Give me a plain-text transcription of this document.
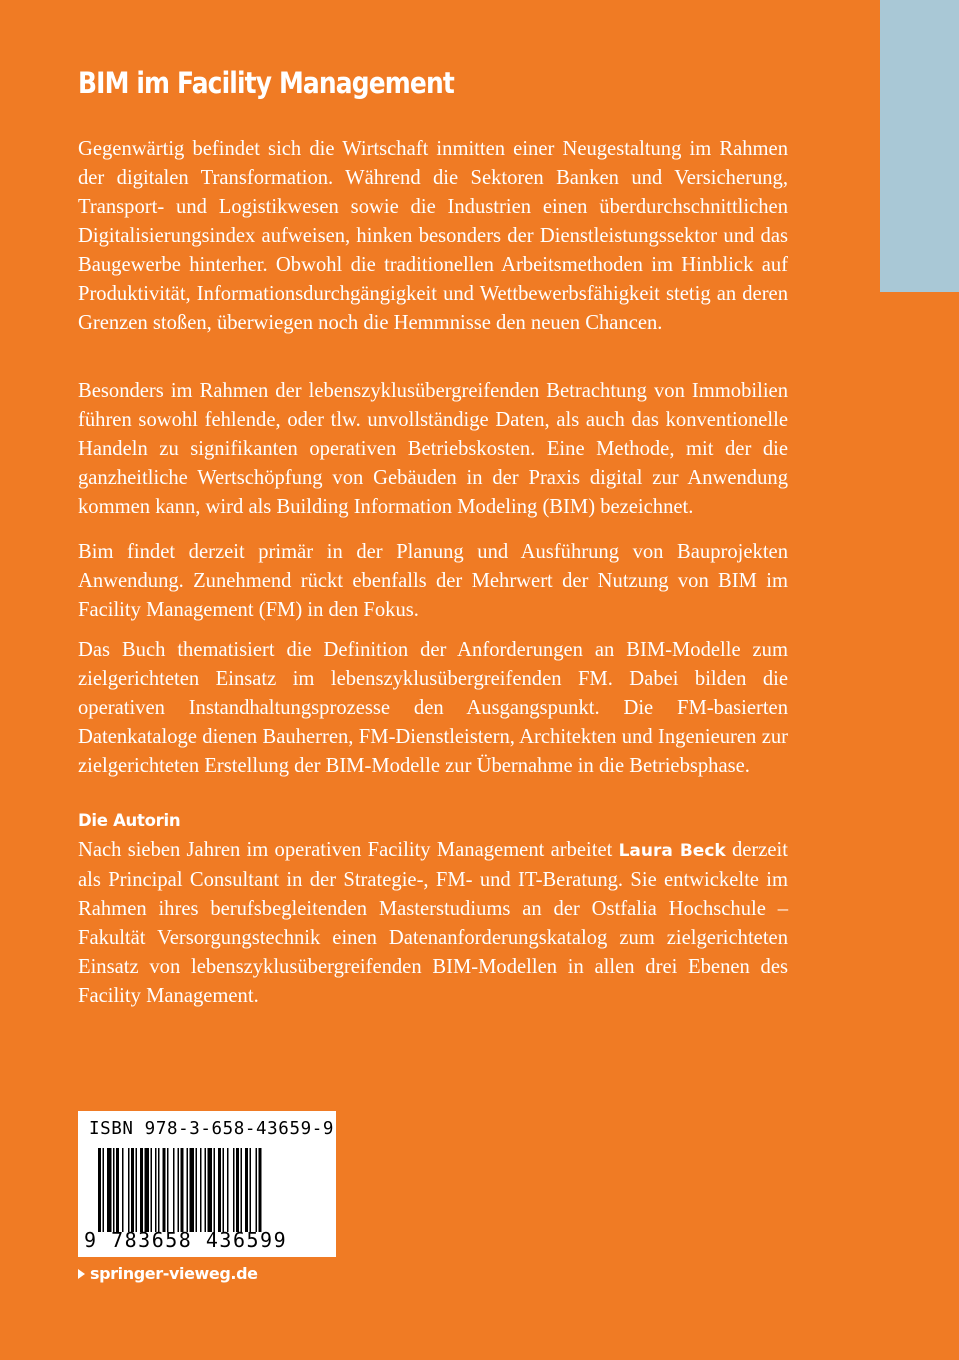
BIM im Facility Management

Gegenwärtig befindet sich die Wirtschaft inmitten einer Neugestaltung im Rahmen der digitalen Transformation. Während die Sektoren Banken und Versicherung, Transport- und Logistikwesen sowie die Industrien einen überdurchschnittlichen Digitalisierungsindex aufweisen, hinken besonders der Dienstleistungssektor und das Baugewerbe hinterher. Obwohl die traditionellen Arbeitsmethoden im Hinblick auf Produktivität, Informationsdurchgängigkeit und Wettbewerbsfähigkeit stetig an deren Grenzen stoßen, überwiegen noch die Hemmnisse den neuen Chancen.

Besonders im Rahmen der lebenszyklusübergreifenden Betrachtung von Immobilien führen sowohl fehlende, oder tlw. unvollständige Daten, als auch das konventionelle Handeln zu signifikanten operativen Betriebskosten. Eine Methode, mit der die ganzheitliche Wertschöpfung von Gebäuden in der Praxis digital zur Anwendung kommen kann, wird als Building Information Modeling (BIM) bezeichnet.

Bim findet derzeit primär in der Planung und Ausführung von Bauprojekten Anwendung. Zunehmend rückt ebenfalls der Mehrwert der Nutzung von BIM im Facility Management (FM) in den Fokus.

Das Buch thematisiert die Definition der Anforderungen an BIM-Modelle zum zielgerichteten Einsatz im lebenszyklusübergreifenden FM. Dabei bilden die operativen Instandhaltungsprozesse den Ausgangspunkt. Die FM-basierten Datenkataloge dienen Bauherren, FM-Dienstleistern, Architekten und Ingenieuren zur zielgerichteten Erstellung der BIM-Modelle zur Übernahme in die Betriebsphase.

Die Autorin

Nach sieben Jahren im operativen Facility Management arbeitet Laura Beck derzeit als Principal Consultant in der Strategie-, FM- und IT-Beratung. Sie entwickelte im Rahmen ihres berufsbegleitenden Masterstudiums an der Ostfalia Hochschule – Fakultät Versorgungstechnik einen Datenanforderungskatalog zum zielgerichteten Einsatz von lebenszyklusübergreifenden BIM-Modellen in allen drei Ebenen des Facility Management.

ISBN 978-3-658-43659-9
9 783658 436599
springer-vieweg.de
